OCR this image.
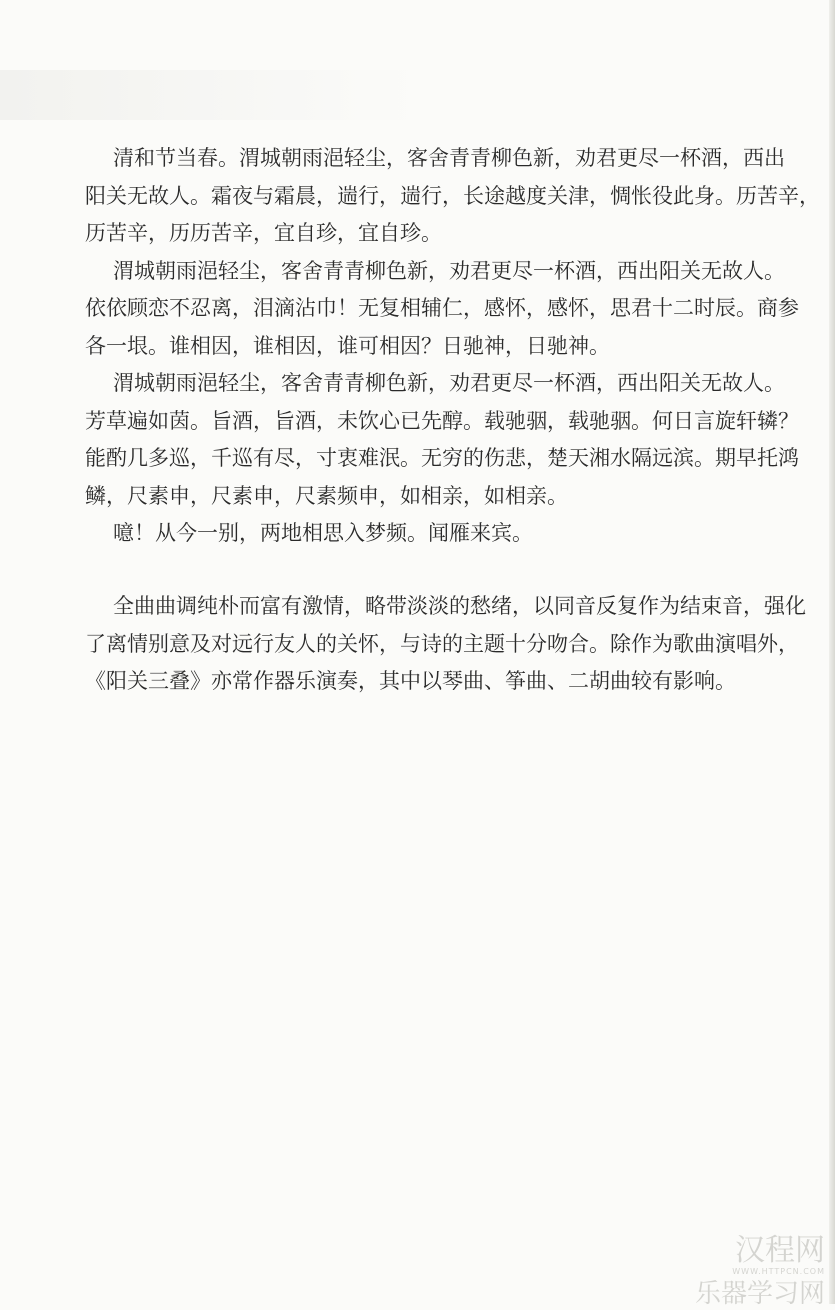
清和节当春。渭城朝雨浥轻尘，客舍青青柳色新，劝君更尽一杯酒，西出
阳关无故人。霜夜与霜晨，遄行，遄行，长途越度关津，惆怅役此身。历苦辛，
历苦辛，历历苦辛，宜自珍，宜自珍。
渭城朝雨浥轻尘，客舍青青柳色新，劝君更尽一杯酒，西出阳关无故人。
依依顾恋不忍离，泪滴沾巾！无复相辅仁，感怀，感怀，思君十二时辰。商参
各一垠。谁相因，谁相因，谁可相因？日驰神，日驰神。
渭城朝雨浥轻尘，客舍青青柳色新，劝君更尽一杯酒，西出阳关无故人。
芳草遍如茵。旨酒，旨酒，未饮心已先醇。载驰骃，载驰骃。何日言旋轩辚？
能酌几多巡，千巡有尽，寸衷难泯。无穷的伤悲，楚天湘水隔远滨。期早托鸿
鳞，尺素申，尺素申，尺素频申，如相亲，如相亲。
噫！从今一别，两地相思入梦频。闻雁来宾。
全曲曲调纯朴而富有激情，略带淡淡的愁绪，以同音反复作为结束音，强化
了离情别意及对远行友人的关怀，与诗的主题十分吻合。除作为歌曲演唱外，
《阳关三叠》亦常作器乐演奏，其中以琴曲、筝曲、二胡曲较有影响。
汉程网
WWW.HTTPCN.COM
乐器学习网
